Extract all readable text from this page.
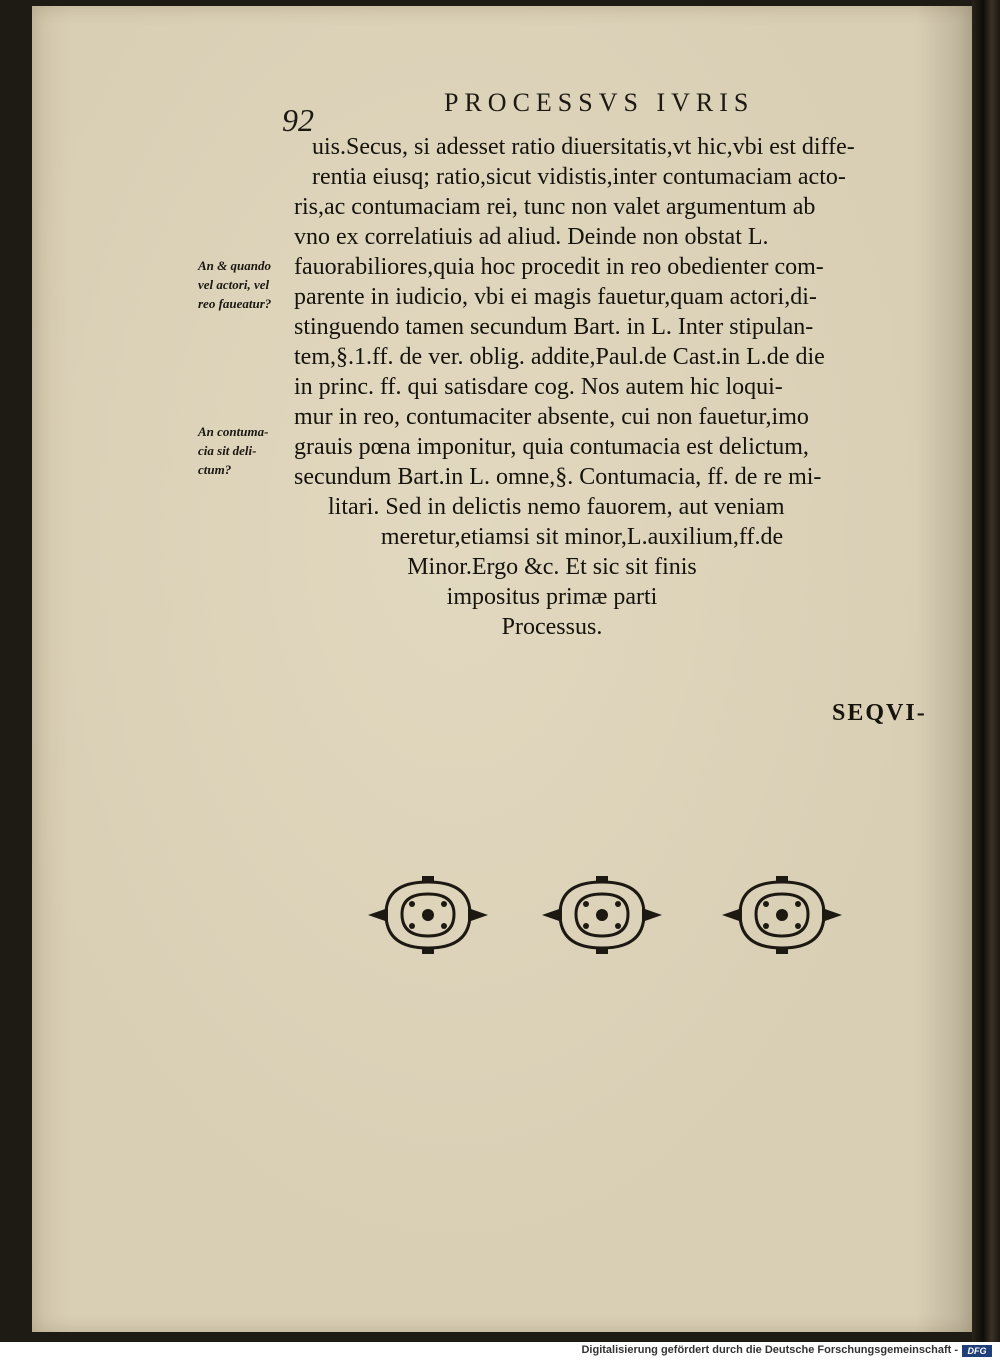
92	PROCESSVS IVRIS
An & quando
vel actori, vel
reo faueatur?
An contuma-
cia sit deli-
ctum?
uis.Secus, si adesset ratio diuersitatis,vt hic,vbi est diffe-
rentia eiusq; ratio,sicut vidistis,inter contumaciam acto-
ris,ac contumaciam rei, tunc non valet argumentum ab
vno ex correlatiuis ad aliud. Deinde non obstat L.
fauorabiliores,quia hoc procedit in reo obedienter com-
parente in iudicio, vbi ei magis fauetur,quam actori,di-
stinguendo tamen secundum Bart. in L. Inter stipulan-
tem,§.1.ff. de ver. oblig. addite,Paul.de Cast.in L.de die
in princ. ff. qui satisdare cog. Nos autem hic loqui-
mur in reo, contumaciter absente, cui non fauetur,imo
grauis pœna imponitur, quia contumacia est delictum,
secundum Bart.in L. omne,§. Contumacia, ff. de re mi-
litari. Sed in delictis nemo fauorem, aut veniam
meretur,etiamsi sit minor,L.auxilium,ff.de
Minor.Ergo &c. Et sic sit finis
impositus primæ parti
Processus.
SEQVI-
Digitalisierung gefördert durch die Deutsche Forschungsgemeinschaft -	DFG
